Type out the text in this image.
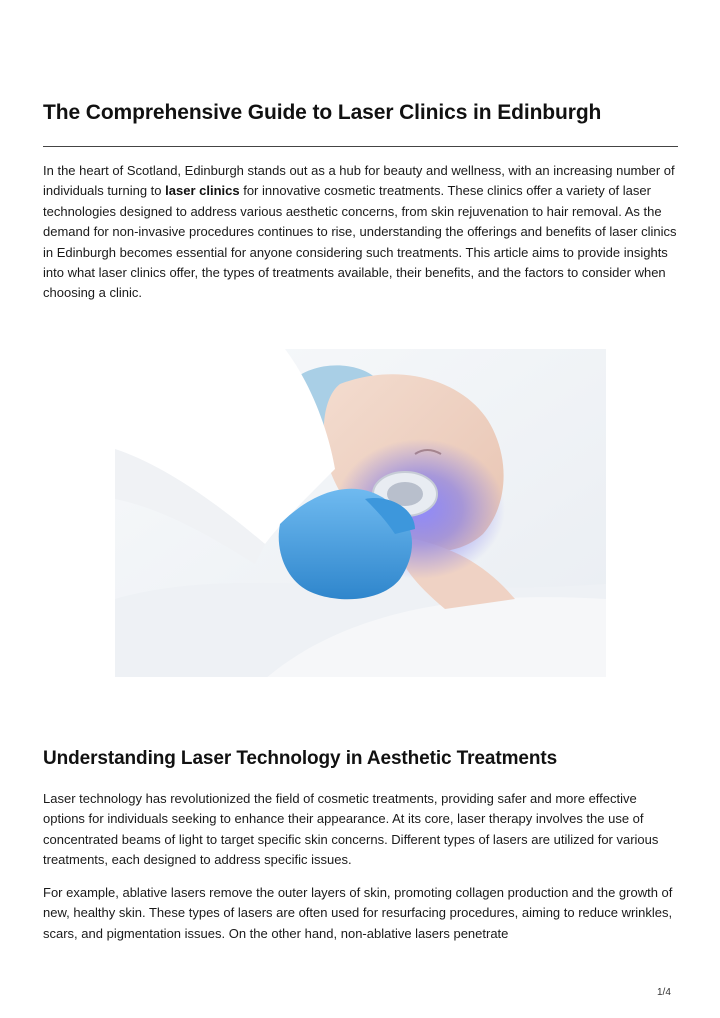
The Comprehensive Guide to Laser Clinics in Edinburgh

In the heart of Scotland, Edinburgh stands out as a hub for beauty and wellness, with an increasing number of individuals turning to laser clinics for innovative cosmetic treatments. These clinics offer a variety of laser technologies designed to address various aesthetic concerns, from skin rejuvenation to hair removal. As the demand for non-invasive procedures continues to rise, understanding the offerings and benefits of laser clinics in Edinburgh becomes essential for anyone considering such treatments. This article aims to provide insights into what laser clinics offer, the types of treatments available, their benefits, and the factors to consider when choosing a clinic.

Understanding Laser Technology in Aesthetic Treatments

Laser technology has revolutionized the field of cosmetic treatments, providing safer and more effective options for individuals seeking to enhance their appearance. At its core, laser therapy involves the use of concentrated beams of light to target specific skin concerns. Different types of lasers are utilized for various treatments, each designed to address specific issues.

For example, ablative lasers remove the outer layers of skin, promoting collagen production and the growth of new, healthy skin. These types of lasers are often used for resurfacing procedures, aiming to reduce wrinkles, scars, and pigmentation issues. On the other hand, non-ablative lasers penetrate

1/4
